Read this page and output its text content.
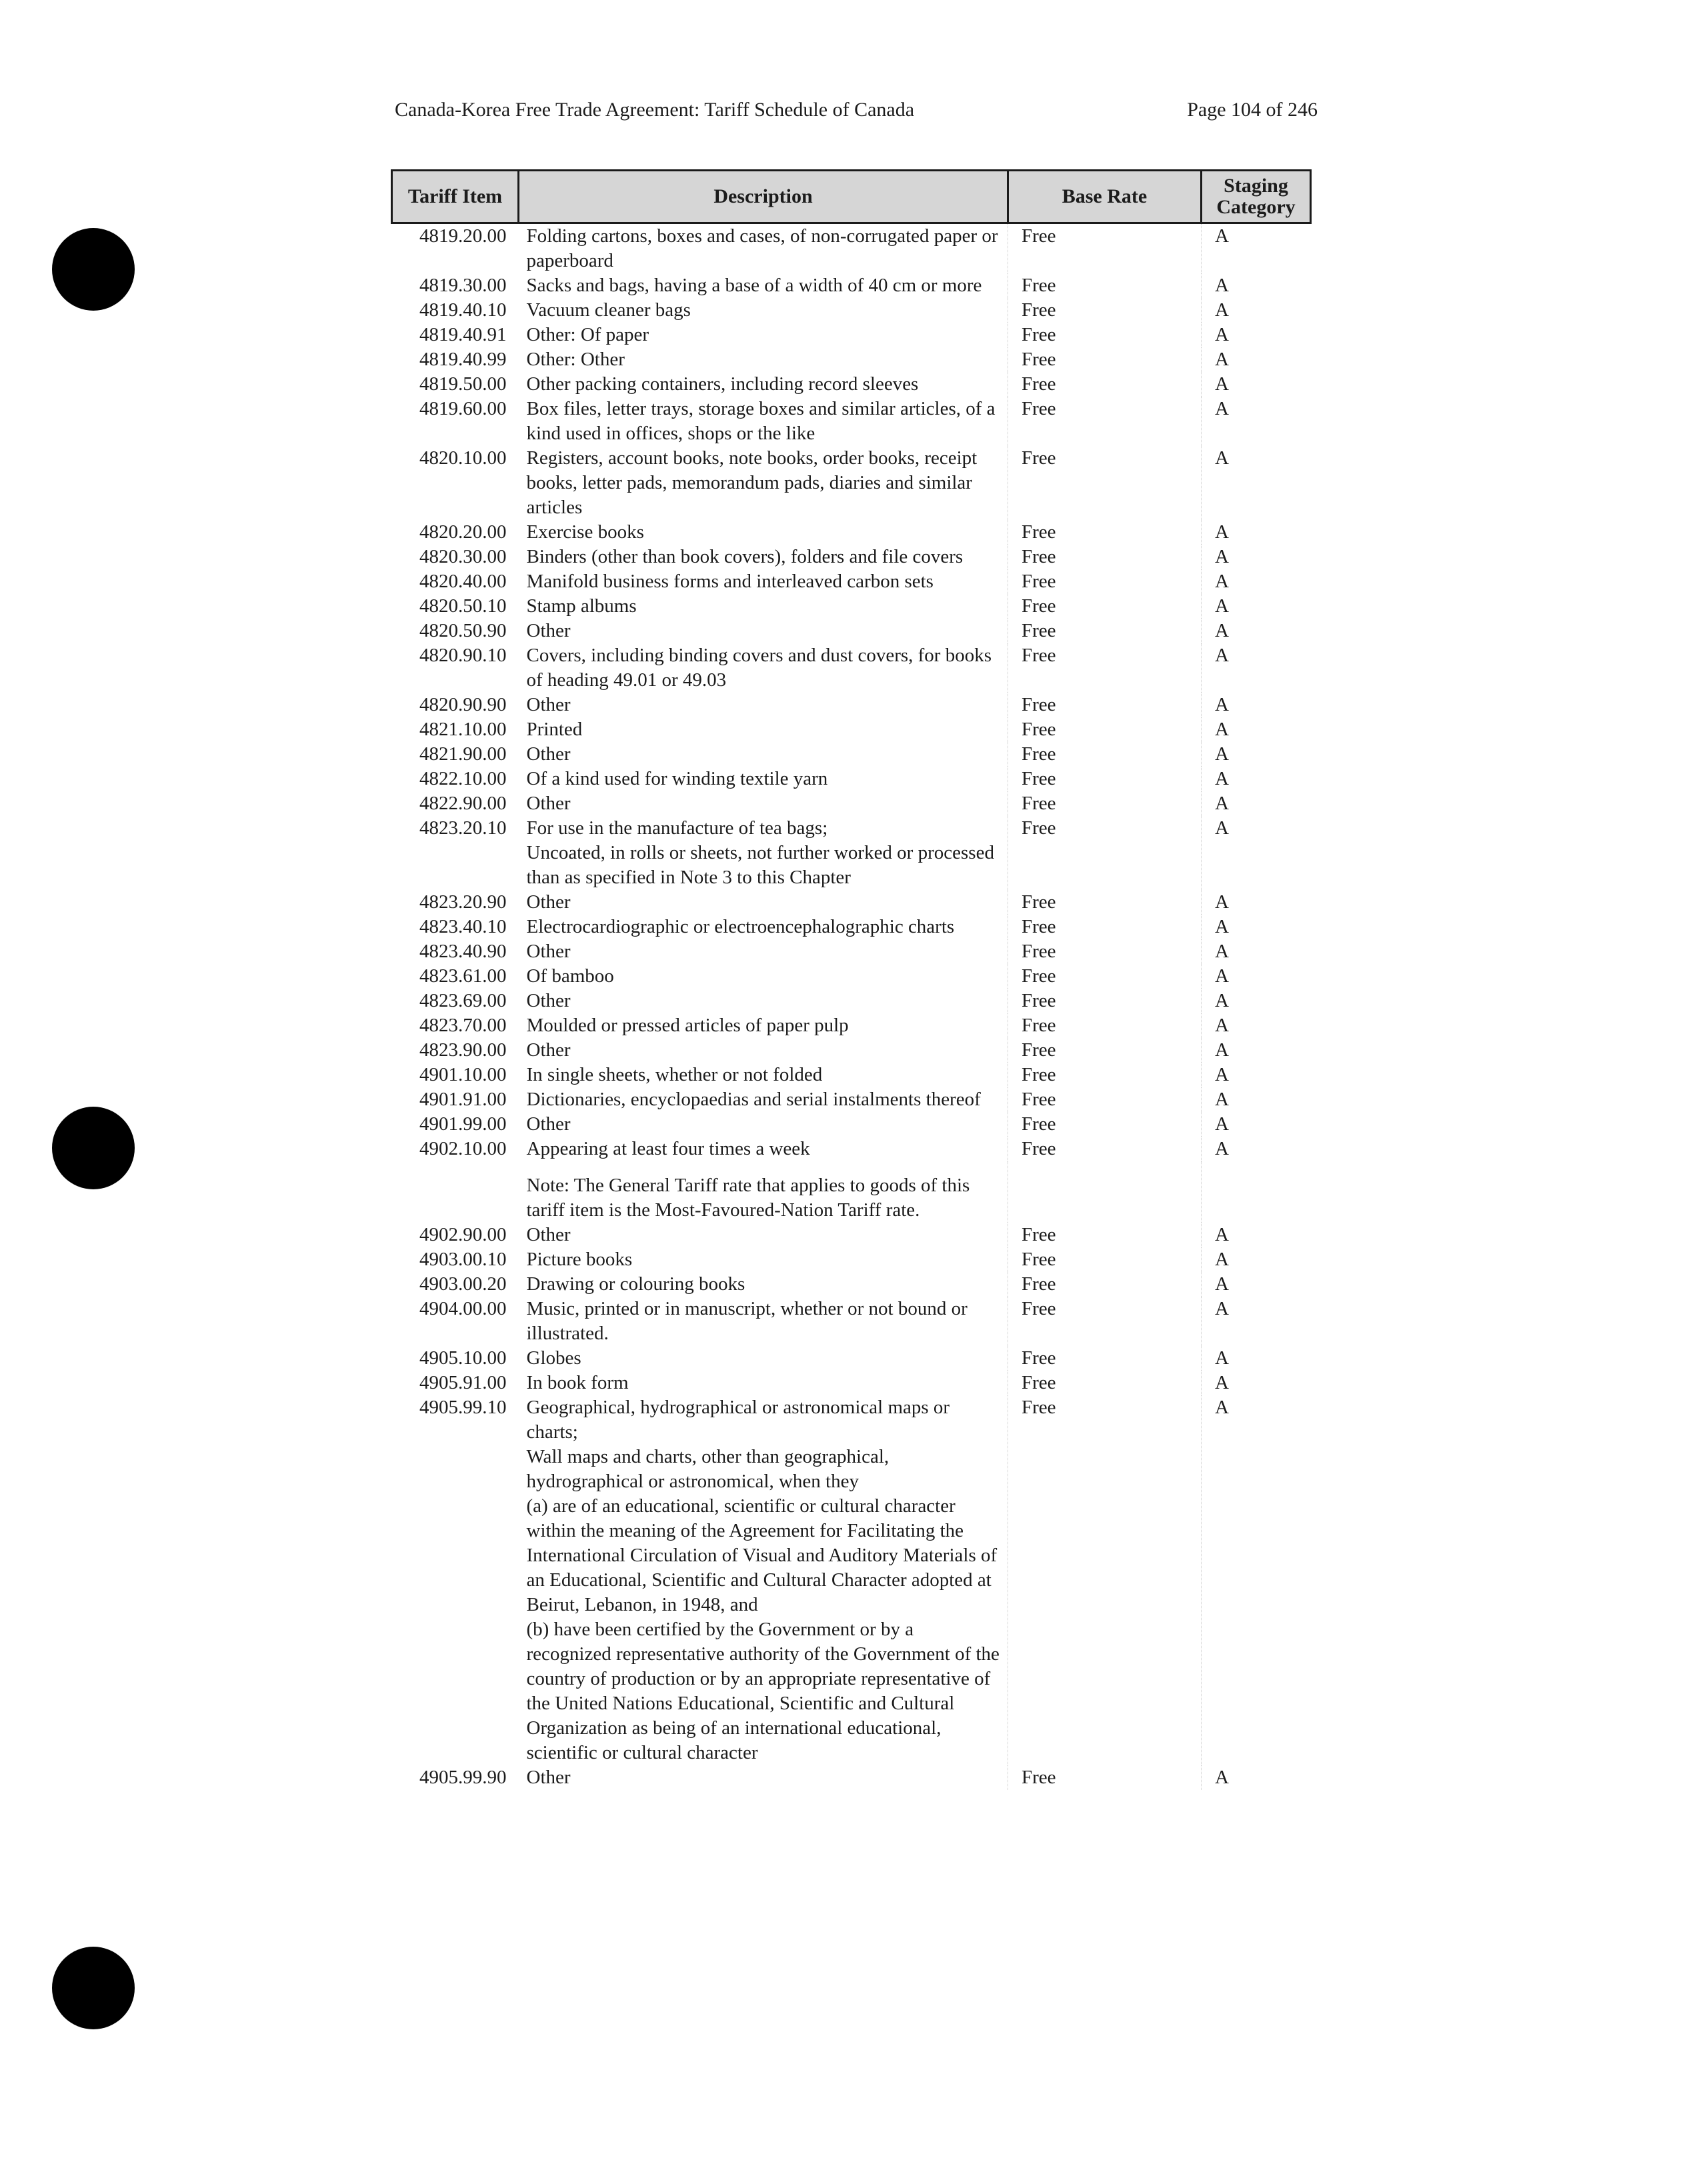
Canada-Korea Free Trade Agreement: Tariff Schedule of Canada	Page 104 of 246
Tariff Item	Description	Base Rate	Staging Category
4819.20.00	Folding cartons, boxes and cases, of non-corrugated paper or paperboard	Free	A
4819.30.00	Sacks and bags, having a base of a width of 40 cm or more	Free	A
4819.40.10	Vacuum cleaner bags	Free	A
4819.40.91	Other: Of paper	Free	A
4819.40.99	Other: Other	Free	A
4819.50.00	Other packing containers, including record sleeves	Free	A
4819.60.00	Box files, letter trays, storage boxes and similar articles, of a kind used in offices, shops or the like	Free	A
4820.10.00	Registers, account books, note books, order books, receipt books, letter pads, memorandum pads, diaries and similar articles	Free	A
4820.20.00	Exercise books	Free	A
4820.30.00	Binders (other than book covers), folders and file covers	Free	A
4820.40.00	Manifold business forms and interleaved carbon sets	Free	A
4820.50.10	Stamp albums	Free	A
4820.50.90	Other	Free	A
4820.90.10	Covers, including binding covers and dust covers, for books of heading 49.01 or 49.03	Free	A
4820.90.90	Other	Free	A
4821.10.00	Printed	Free	A
4821.90.00	Other	Free	A
4822.10.00	Of a kind used for winding textile yarn	Free	A
4822.90.00	Other	Free	A
4823.20.10	For use in the manufacture of tea bags;
Uncoated, in rolls or sheets, not further worked or processed than as specified in Note 3 to this Chapter	Free	A
4823.20.90	Other	Free	A
4823.40.10	Electrocardiographic or electroencephalographic charts	Free	A
4823.40.90	Other	Free	A
4823.61.00	Of bamboo	Free	A
4823.69.00	Other	Free	A
4823.70.00	Moulded or pressed articles of paper pulp	Free	A
4823.90.00	Other	Free	A
4901.10.00	In single sheets, whether or not folded	Free	A
4901.91.00	Dictionaries, encyclopaedias and serial instalments thereof	Free	A
4901.99.00	Other	Free	A
4902.10.00	Appearing at least four times a week	Free	A
	Note: The General Tariff rate that applies to goods of this tariff item is the Most-Favoured-Nation Tariff rate.		
4902.90.00	Other	Free	A
4903.00.10	Picture books	Free	A
4903.00.20	Drawing or colouring books	Free	A
4904.00.00	Music, printed or in manuscript, whether or not bound or illustrated.	Free	A
4905.10.00	Globes	Free	A
4905.91.00	In book form	Free	A
4905.99.10	Geographical, hydrographical or astronomical maps or charts;
Wall maps and charts, other than geographical, hydrographical or astronomical, when they
(a) are of an educational, scientific or cultural character within the meaning of the Agreement for Facilitating the International Circulation of Visual and Auditory Materials of an Educational, Scientific and Cultural Character adopted at Beirut, Lebanon, in 1948, and
(b) have been certified by the Government or by a recognized representative authority of the Government of the country of production or by an appropriate representative of the United Nations Educational, Scientific and Cultural Organization as being of an international educational, scientific or cultural character	Free	A
4905.99.90	Other	Free	A
